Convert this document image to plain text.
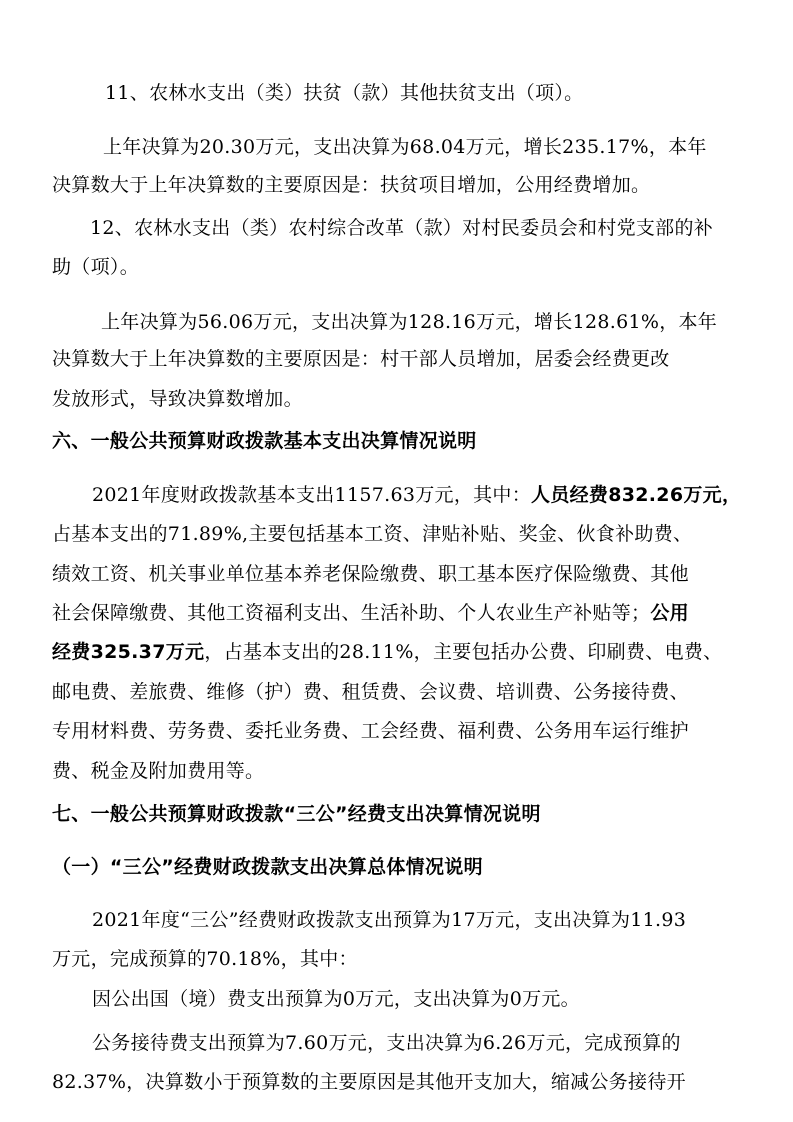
11、农林水支出（类）扶贫（款）其他扶贫支出（项）。
上年决算为20.30万元，支出决算为68.04万元，增长235.17%，本年
决算数大于上年决算数的主要原因是：扶贫项目增加，公用经费增加。
12、农林水支出（类）农村综合改革（款）对村民委员会和村党支部的补
助（项）。
上年决算为56.06万元，支出决算为128.16万元，增长128.61%，本年
决算数大于上年决算数的主要原因是：村干部人员增加，居委会经费更改
发放形式，导致决算数增加。
六、一般公共预算财政拨款基本支出决算情况说明
2021年度财政拨款基本支出1157.63万元，其中：人员经费832.26万元，
占基本支出的71.89%,主要包括基本工资、津贴补贴、奖金、伙食补助费、
绩效工资、机关事业单位基本养老保险缴费、职工基本医疗保险缴费、其他
社会保障缴费、其他工资福利支出、生活补助、个人农业生产补贴等；公用
经费325.37万元，占基本支出的28.11%，主要包括办公费、印刷费、电费、
邮电费、差旅费、维修（护）费、租赁费、会议费、培训费、公务接待费、
专用材料费、劳务费、委托业务费、工会经费、福利费、公务用车运行维护
费、税金及附加费用等。
七、一般公共预算财政拨款“三公”经费支出决算情况说明
（一）“三公”经费财政拨款支出决算总体情况说明
2021年度“三公”经费财政拨款支出预算为17万元，支出决算为11.93
万元，完成预算的70.18%，其中：
因公出国（境）费支出预算为0万元，支出决算为0万元。
公务接待费支出预算为7.60万元，支出决算为6.26万元，完成预算的
82.37%，决算数小于预算数的主要原因是其他开支加大，缩减公务接待开
